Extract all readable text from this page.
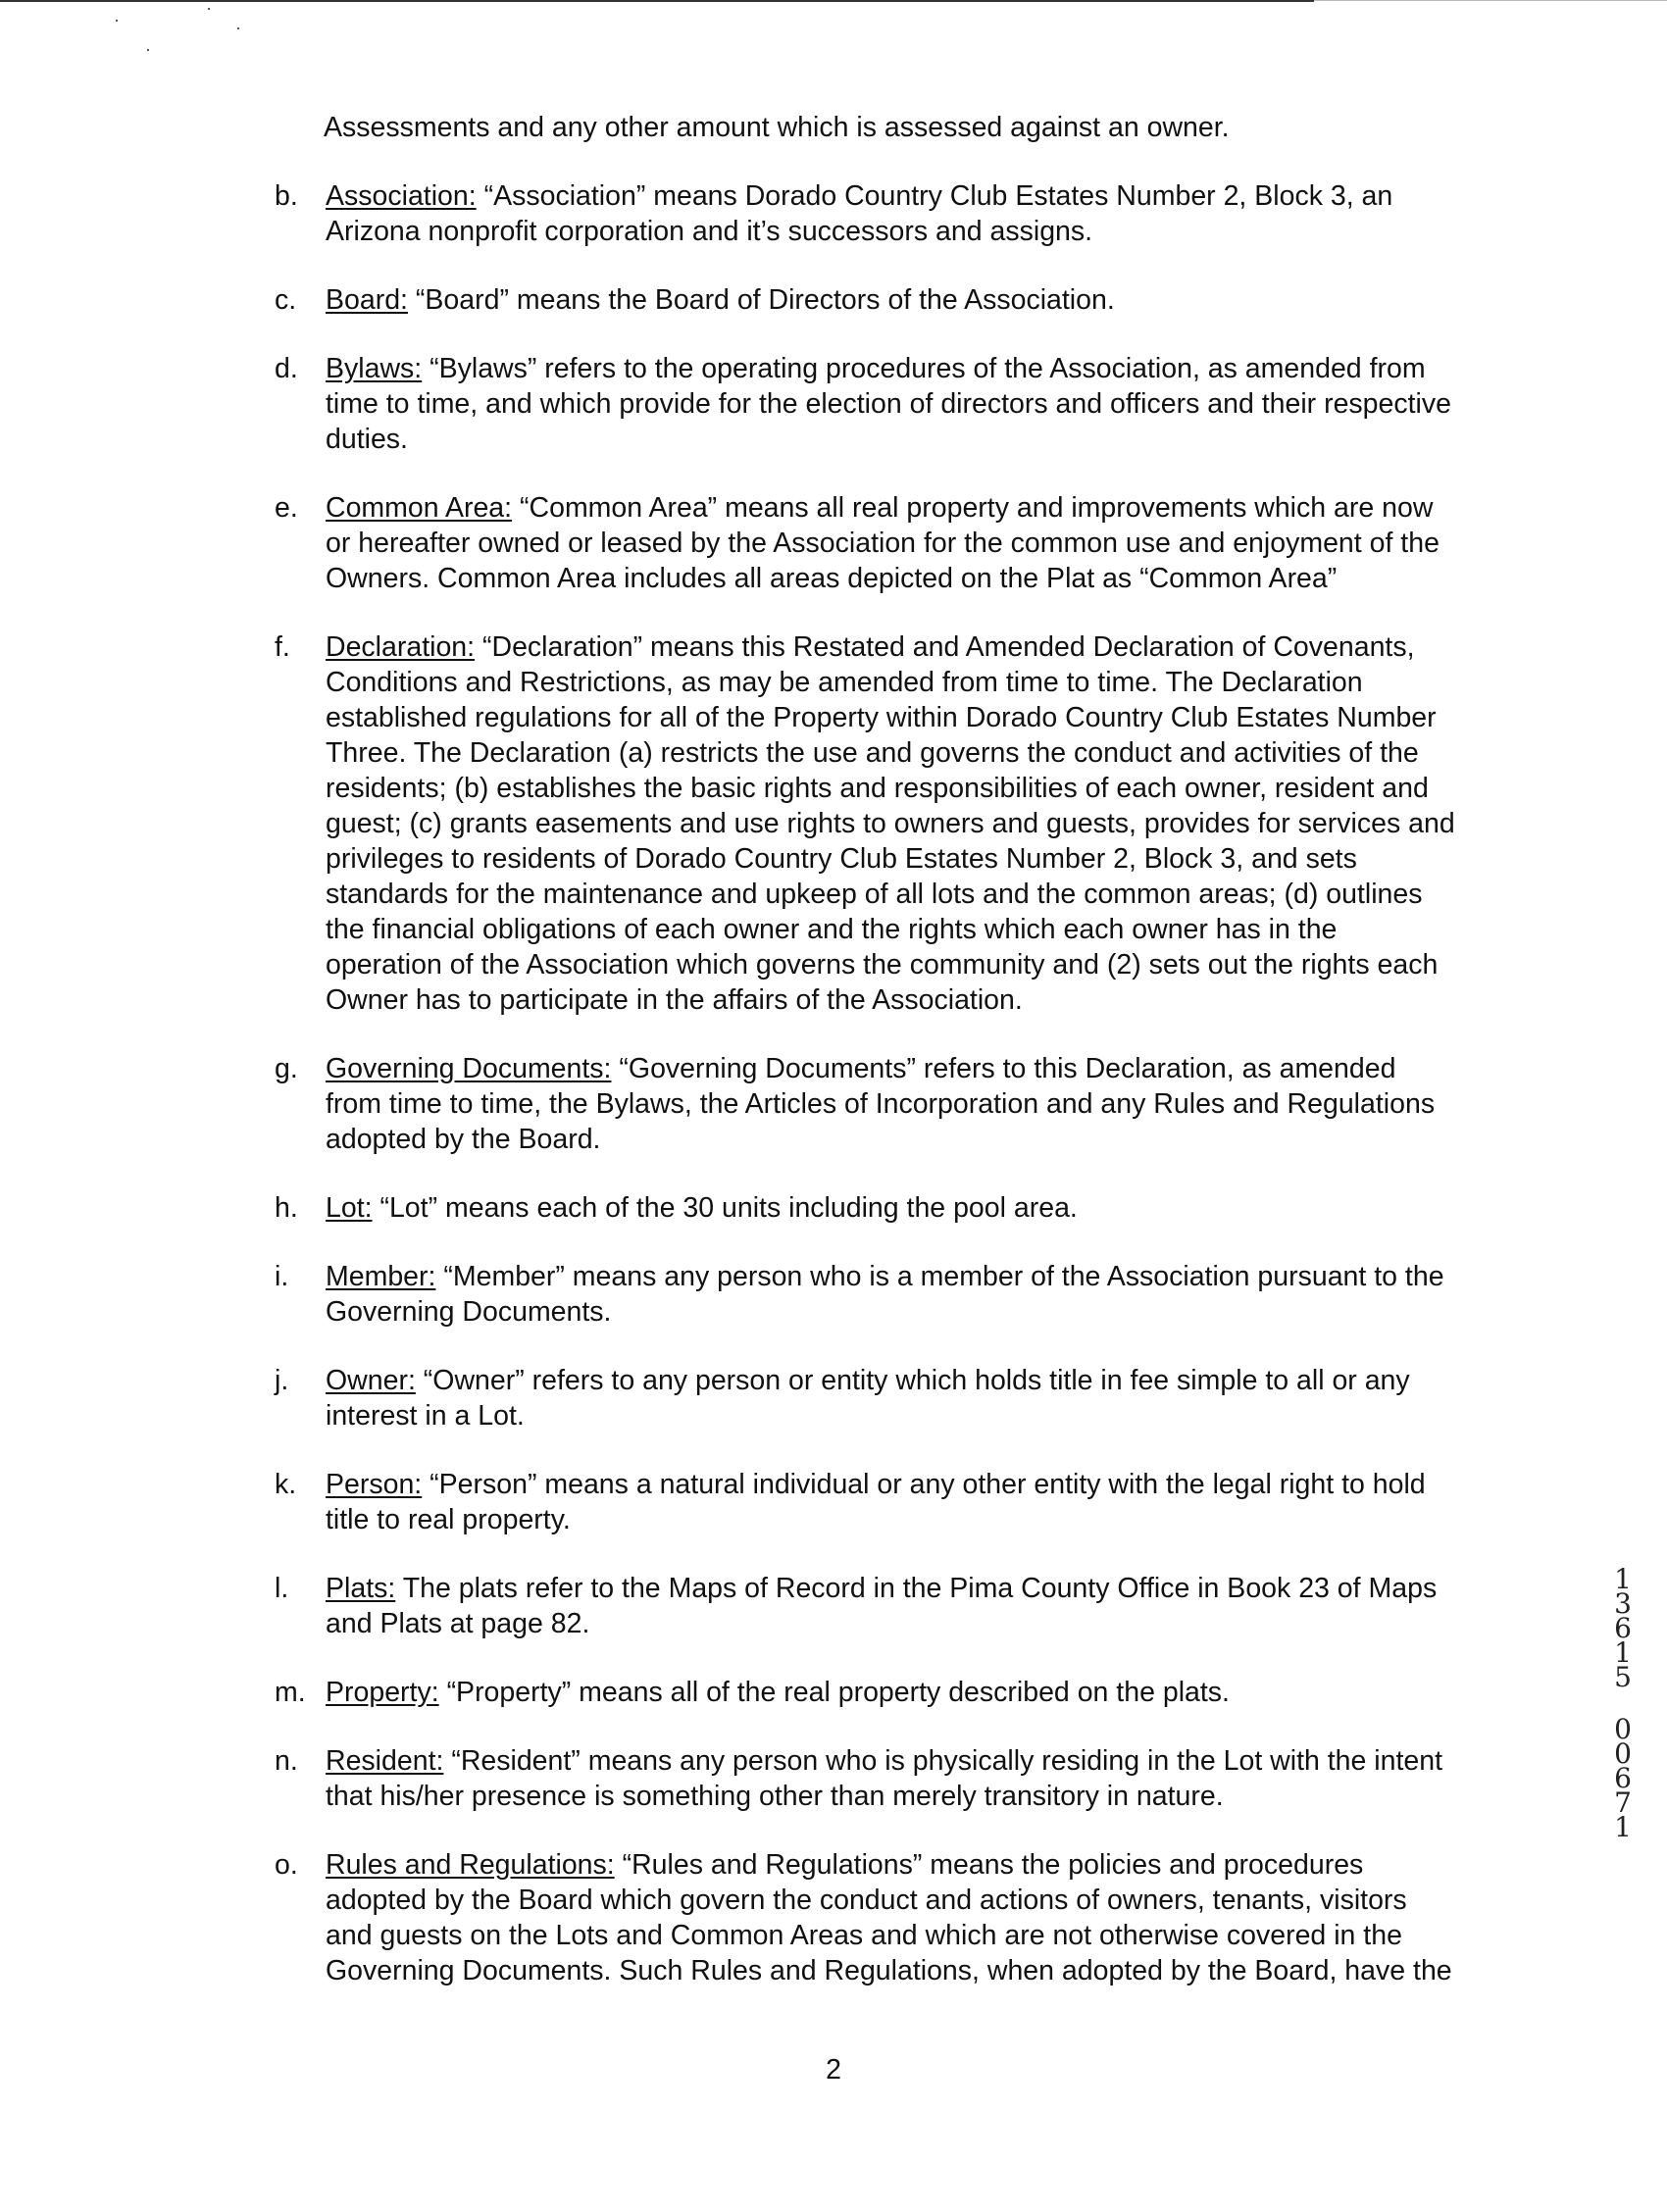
Assessments and any other amount which is assessed against an owner.
b. Association: “Association” means Dorado Country Club Estates Number 2, Block 3, an
Arizona nonprofit corporation and it’s successors and assigns.
c.	Board: “Board” means the Board of Directors of the Association.
d. Bylaws: “Bylaws” refers to the operating procedures of the Association, as amended from
time to time, and which provide for the election of directors and officers and their respective
duties.
e. Common Area: “Common Area” means all real property and improvements which are now
or hereafter owned or leased by the Association for the common use and enjoyment of the
Owners. Common Area includes all areas depicted on the Plat as “Common Area”
f.	Declaration: “Declaration” means this Restated and Amended Declaration of Covenants,
Conditions and Restrictions, as may be amended from time to time. The Declaration
established regulations for all of the Property within Dorado Country Club Estates Number
Three. The Declaration (a) restricts the use and governs the conduct and activities of the
residents; (b) establishes the basic rights and responsibilities of each owner, resident and
guest; (c) grants easements and use rights to owners and guests, provides for services and
privileges to residents of Dorado Country Club Estates Number 2, Block 3, and sets
standards for the maintenance and upkeep of all lots and the common areas; (d) outlines
the financial obligations of each owner and the rights which each owner has in the
operation of the Association which governs the community and (2) sets out the rights each
Owner has to participate in the affairs of the Association.
g. Governing Documents: “Governing Documents” refers to this Declaration, as amended
from time to time, the Bylaws, the Articles of Incorporation and any Rules and Regulations
adopted by the Board.
h. Lot: “Lot” means each of the 30 units including the pool area.
i.	Member: “Member” means any person who is a member of the Association pursuant to the
Governing Documents.
j.	Owner: “Owner” refers to any person or entity which holds title in fee simple to all or any
interest in a Lot.
k.	Person: “Person” means a natural individual or any other entity with the legal right to hold
title to real property.
l.	Plats: The plats refer to the Maps of Record in the Pima County Office in Book 23 of Maps
and Plats at page 82.
m. Property: “Property” means all of the real property described on the plats.
n. Resident: “Resident” means any person who is physically residing in the Lot with the intent
that his/her presence is something other than merely transitory in nature.
o. Rules and Regulations: “Rules and Regulations” means the policies and procedures
adopted by the Board which govern the conduct and actions of owners, tenants, visitors
and guests on the Lots and Common Areas and which are not otherwise covered in the
Governing Documents. Such Rules and Regulations, when adopted by the Board, have the
2
1
3
6
1
5
0
0
6
7
1
